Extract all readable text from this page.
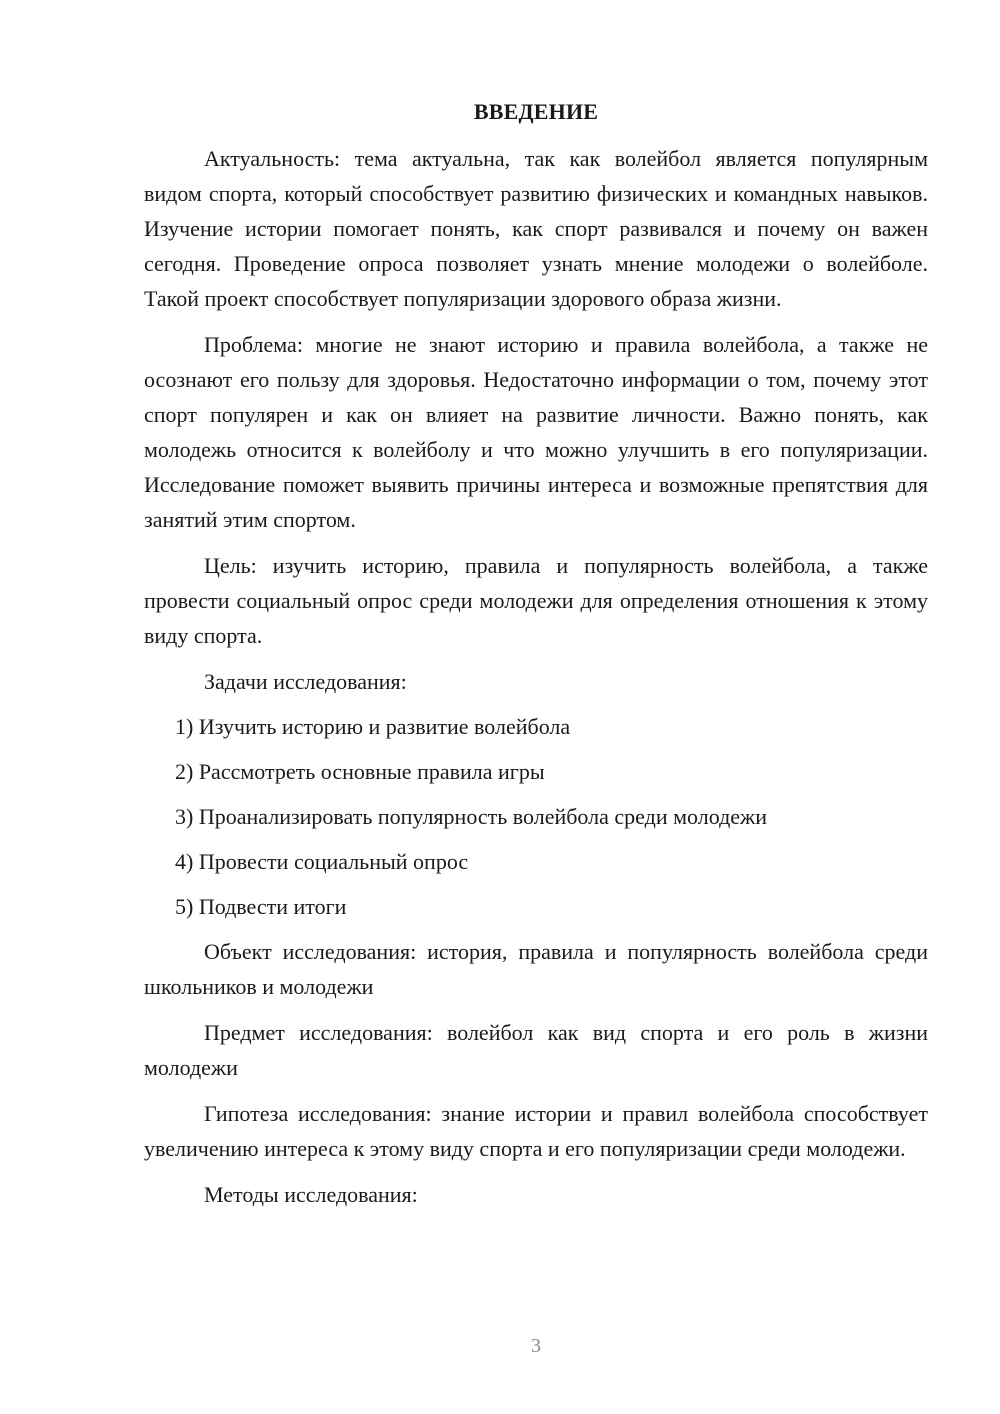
ВВЕДЕНИЕ

Актуальность: тема актуальна, так как волейбол является популярным видом спорта, который способствует развитию физических и командных навыков. Изучение истории помогает понять, как спорт развивался и почему он важен сегодня. Проведение опроса позволяет узнать мнение молодежи о волейболе. Такой проект способствует популяризации здорового образа жизни.

Проблема: многие не знают историю и правила волейбола, а также не осознают его пользу для здоровья. Недостаточно информации о том, почему этот спорт популярен и как он влияет на развитие личности. Важно понять, как молодежь относится к волейболу и что можно улучшить в его популяризации. Исследование поможет выявить причины интереса и возможные препятствия для занятий этим спортом.

Цель: изучить историю, правила и популярность волейбола, а также провести социальный опрос среди молодежи для определения отношения к этому виду спорта.

Задачи исследования:

1) Изучить историю и развитие волейбола
2) Рассмотреть основные правила игры
3) Проанализировать популярность волейбола среди молодежи
4) Провести социальный опрос
5) Подвести итоги

Объект исследования: история, правила и популярность волейбола среди школьников и молодежи

Предмет исследования: волейбол как вид спорта и его роль в жизни молодежи

Гипотеза исследования: знание истории и правил волейбола способствует увеличению интереса к этому виду спорта и его популяризации среди молодежи.

Методы исследования:

3
